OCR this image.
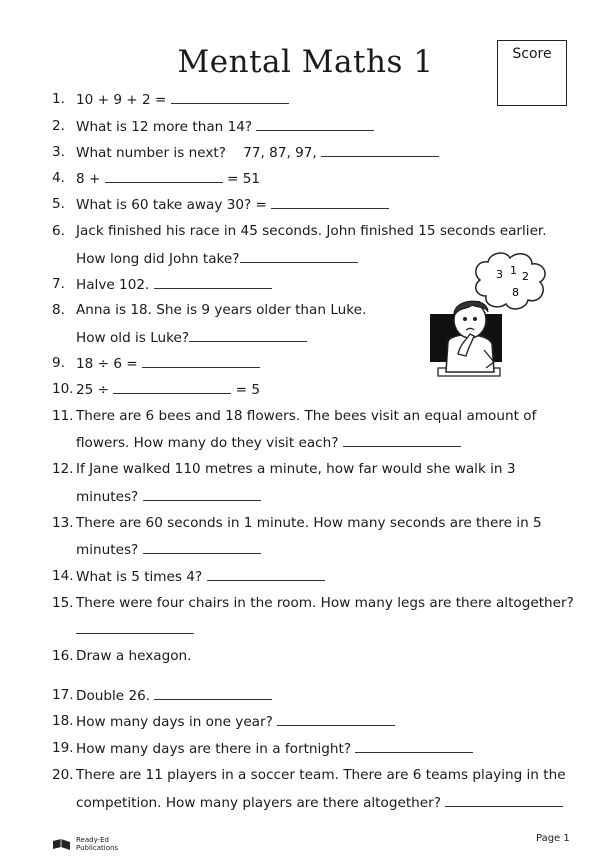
Mental Maths 1	Score
1. 10 + 9 + 2 =
2. What is 12 more than 14?
3. What number is next? 77, 87, 97,
4. 8 +	= 51
5. What is 60 take away 30? =
6. Jack finished his race in 45 seconds. John finished 15 seconds earlier.
How long did John take?
7. Halve 102.
8. Anna is 18. She is 9 years older than Luke.
How old is Luke?
9. 18 ÷ 6 =
10. 25 ÷	= 5
11. There are 6 bees and 18 flowers. The bees visit an equal amount of
flowers. How many do they visit each?
12. If Jane walked 110 metres a minute, how far would she walk in 3
minutes?
13. There are 60 seconds in 1 minute. How many seconds are there in 5
minutes?
14. What is 5 times 4?
15. There were four chairs in the room. How many legs are there altogether?
16. Draw a hexagon.
17. Double 26.
18. How many days in one year?
19. How many days are there in a fortnight?
20. There are 11 players in a soccer team. There are 6 teams playing in the
competition. How many players are there altogether?
3 1 2
8
Ready-Ed
Publications
Page 1
